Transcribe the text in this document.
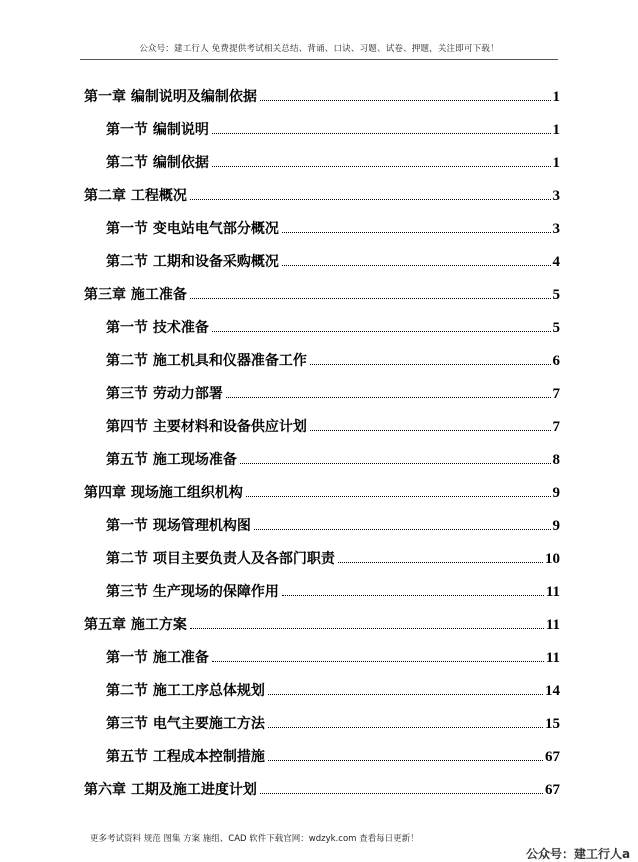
公众号：建工行人 免费提供考试相关总结、背诵、口诀、习题、试卷、押题，关注即可下载！
第一章 编制说明及编制依据	1
第一节 编制说明	1
第二节 编制依据	1
第二章 工程概况	3
第一节 变电站电气部分概况	3
第二节 工期和设备采购概况	4
第三章 施工准备	5
第一节 技术准备	5
第二节 施工机具和仪器准备工作	6
第三节 劳动力部署	7
第四节 主要材料和设备供应计划	7
第五节 施工现场准备	8
第四章 现场施工组织机构	9
第一节 现场管理机构图	9
第二节 项目主要负责人及各部门职责	10
第三节 生产现场的保障作用	11
第五章 施工方案	11
第一节 施工准备	11
第二节 施工工序总体规划	14
第三节 电气主要施工方法	15
第五节 工程成本控制措施	67
第六章 工期及施工进度计划	67
更多考试资料 规范 图集 方案 施组、CAD 软件下载官网：wdzyk.com 查看每日更新！
公众号：建工行人a
